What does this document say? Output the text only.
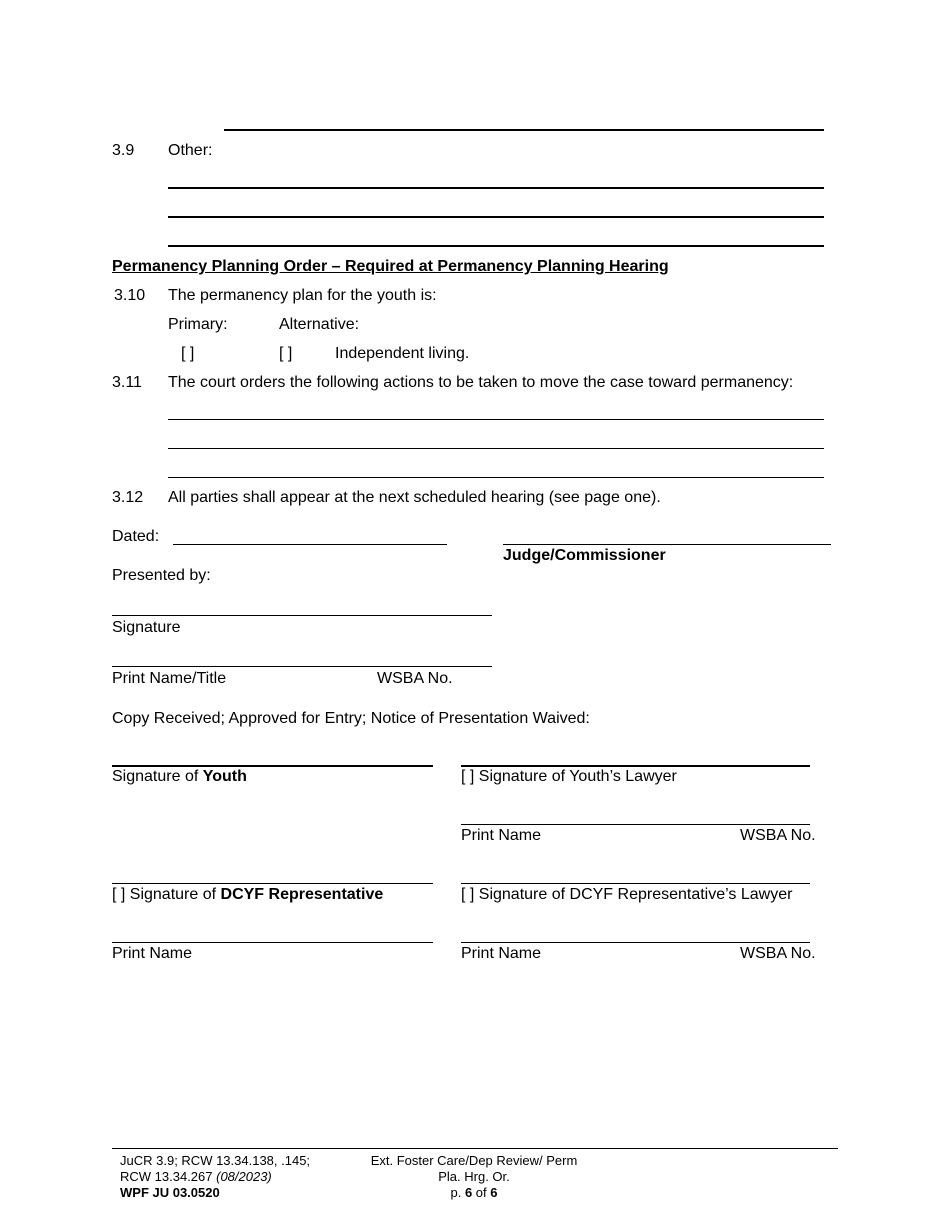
3.9 Other:
Permanency Planning Order – Required at Permanency Planning Hearing
3.10 The permanency plan for the youth is:
Primary:	Alternative:
[ ]	[ ]	Independent living.
3.11 The court orders the following actions to be taken to move the case toward permanency:
3.12 All parties shall appear at the next scheduled hearing (see page one).
Dated:
Judge/Commissioner
Presented by:
Signature
Print Name/Title	WSBA No.
Copy Received; Approved for Entry; Notice of Presentation Waived:
Signature of Youth	[ ] Signature of Youth’s Lawyer
Print Name	WSBA No.
[ ] Signature of DCYF Representative	[ ] Signature of DCYF Representative’s Lawyer
Print Name	Print Name	WSBA No.
JuCR 3.9; RCW 13.34.138, .145;
RCW 13.34.267 (08/2023)
WPF JU 03.0520
Ext. Foster Care/Dep Review/ Perm
Pla. Hrg. Or.
p. 6 of 6
